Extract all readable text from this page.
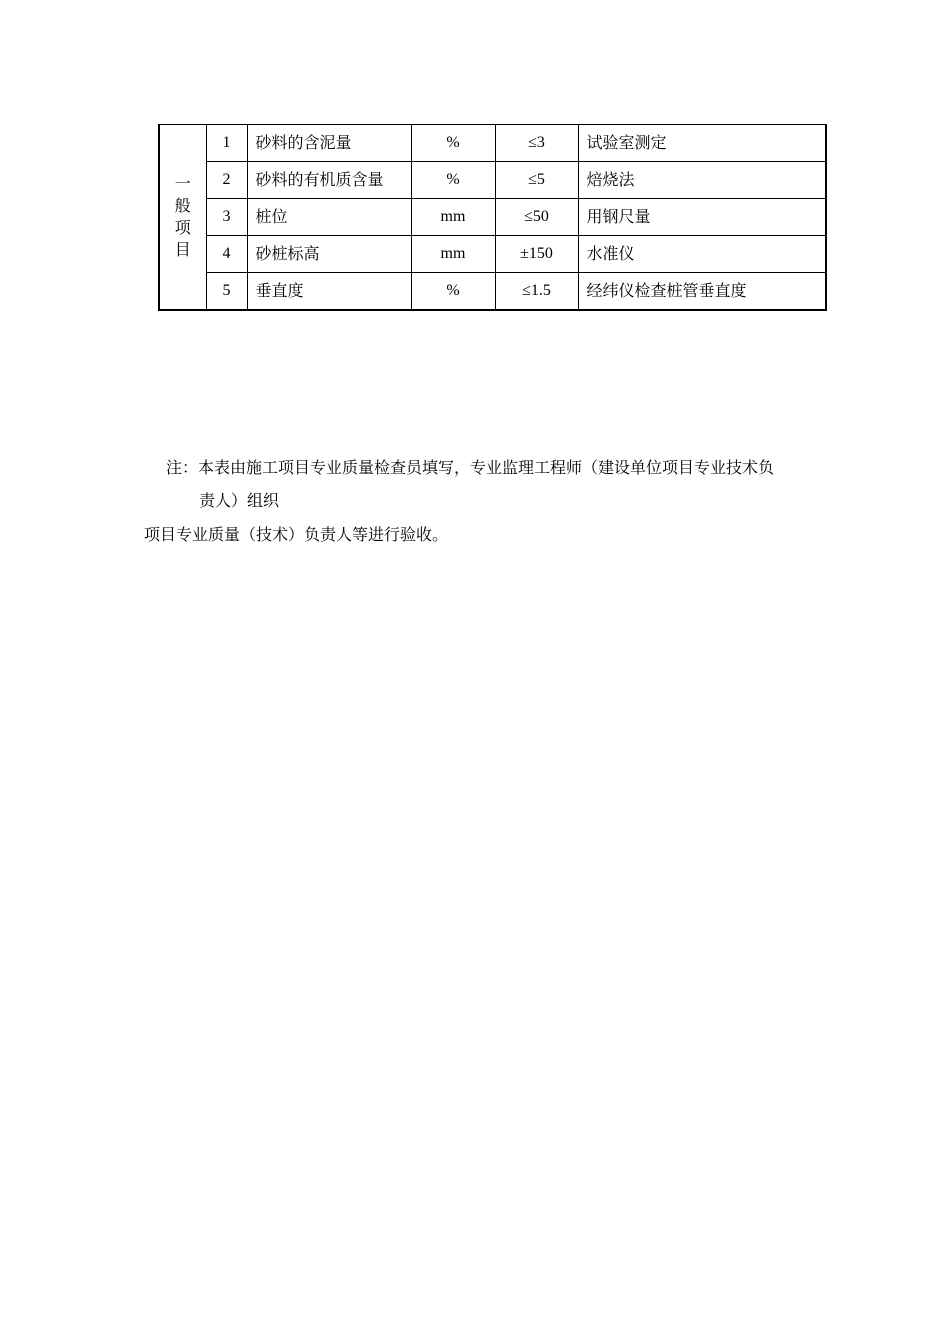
一
般
项
目	1	砂料的含泥量	%	≤3	试验室测定
	2	砂料的有机质含量	%	≤5	焙烧法
	3	桩位	mm	≤50	用钢尺量
	4	砂桩标高	mm	±150	水准仪
	5	垂直度	%	≤1.5	经纬仪检查桩管垂直度
注：本表由施工项目专业质量检查员填写，专业监理工程师（建设单位项目专业技术负
责人）组织
项目专业质量（技术）负责人等进行验收。
